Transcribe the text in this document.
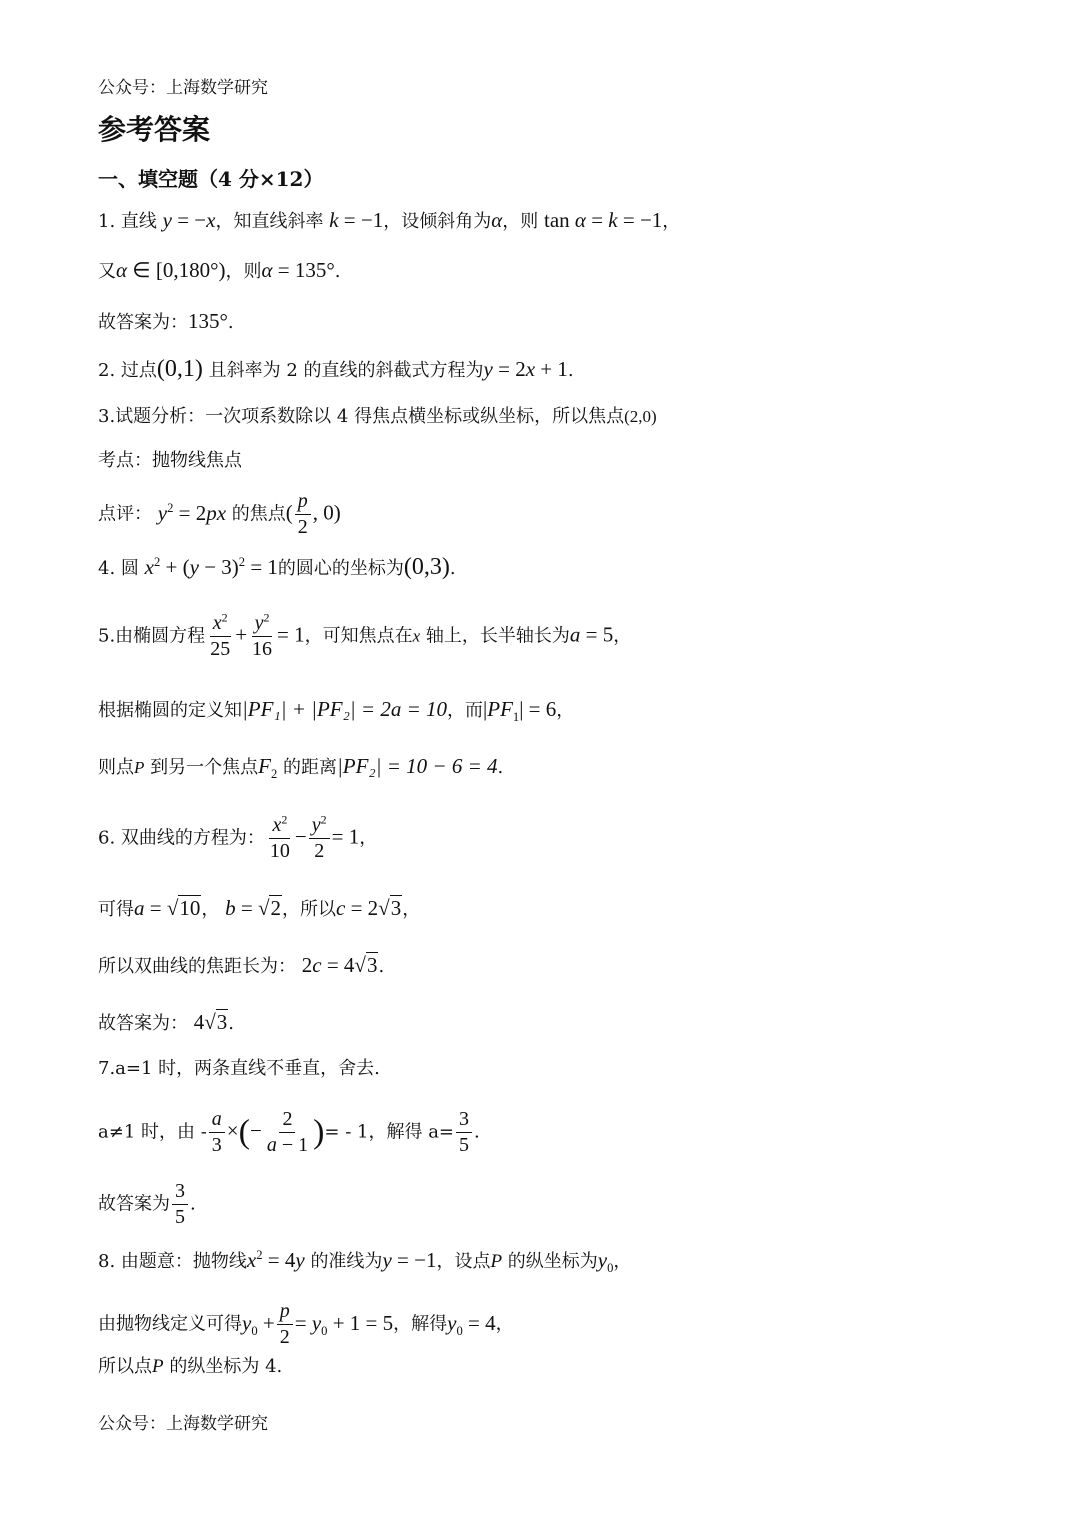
公众号：上海数学研究
参考答案
一、填空题（4 分×12）
1. 直线 y = −x，知直线斜率 k = −1，设倾斜角为α，则 tan α = k = −1，
又α ∈ [0,180°)，则α = 135°.
故答案为：135°.
2. 过点(0,1) 且斜率为 2 的直线的斜截式方程为y = 2x + 1.
3.试题分析：一次项系数除以 4 得焦点横坐标或纵坐标，所以焦点(2,0)
考点：抛物线焦点
点评： $y^2 = 2px$ 的焦点( $\frac{p}{2}$ , 0)
4. 圆 $x^2 + (y - 3)^2 = 1$的圆心的坐标为(0,3).
5.由椭圆方程 $\frac{x^2}{25} + \frac{y^2}{16} = 1$，可知焦点在x 轴上，长半轴长为a = 5，
根据椭圆的定义知|PF₁| + |PF₂| = 2a = 10，而$|PF_1| = 6$，
则点P 到另一个焦点$F_2$ 的距离|PF₂| = 10 − 6 = 4.
6. 双曲线的方程为： $\frac{x^2}{10} - \frac{y^2}{2} = 1$，
可得a = √10， b = √2，所以c = 2√3，
所以双曲线的焦距长为： 2c = 4√3.
故答案为： 4√3.
7.a=1 时，两条直线不垂直，舍去.
a≠1 时，由 - $\frac{a}{3}$ ×(− $\frac{2}{a - 1}$ )= - 1，解得 $a= \frac{3}{5}$ .
故答案为 $\frac{3}{5}$ .
8. 由题意：抛物线$x^2 = 4y$ 的准线为y = −1，设点P 的纵坐标为$y_0$，
由抛物线定义可得$y_0 + \frac{p}{2} = y_0 + 1 = 5$，解得$y_0 = 4$，
所以点P 的纵坐标为 4.
公众号：上海数学研究
